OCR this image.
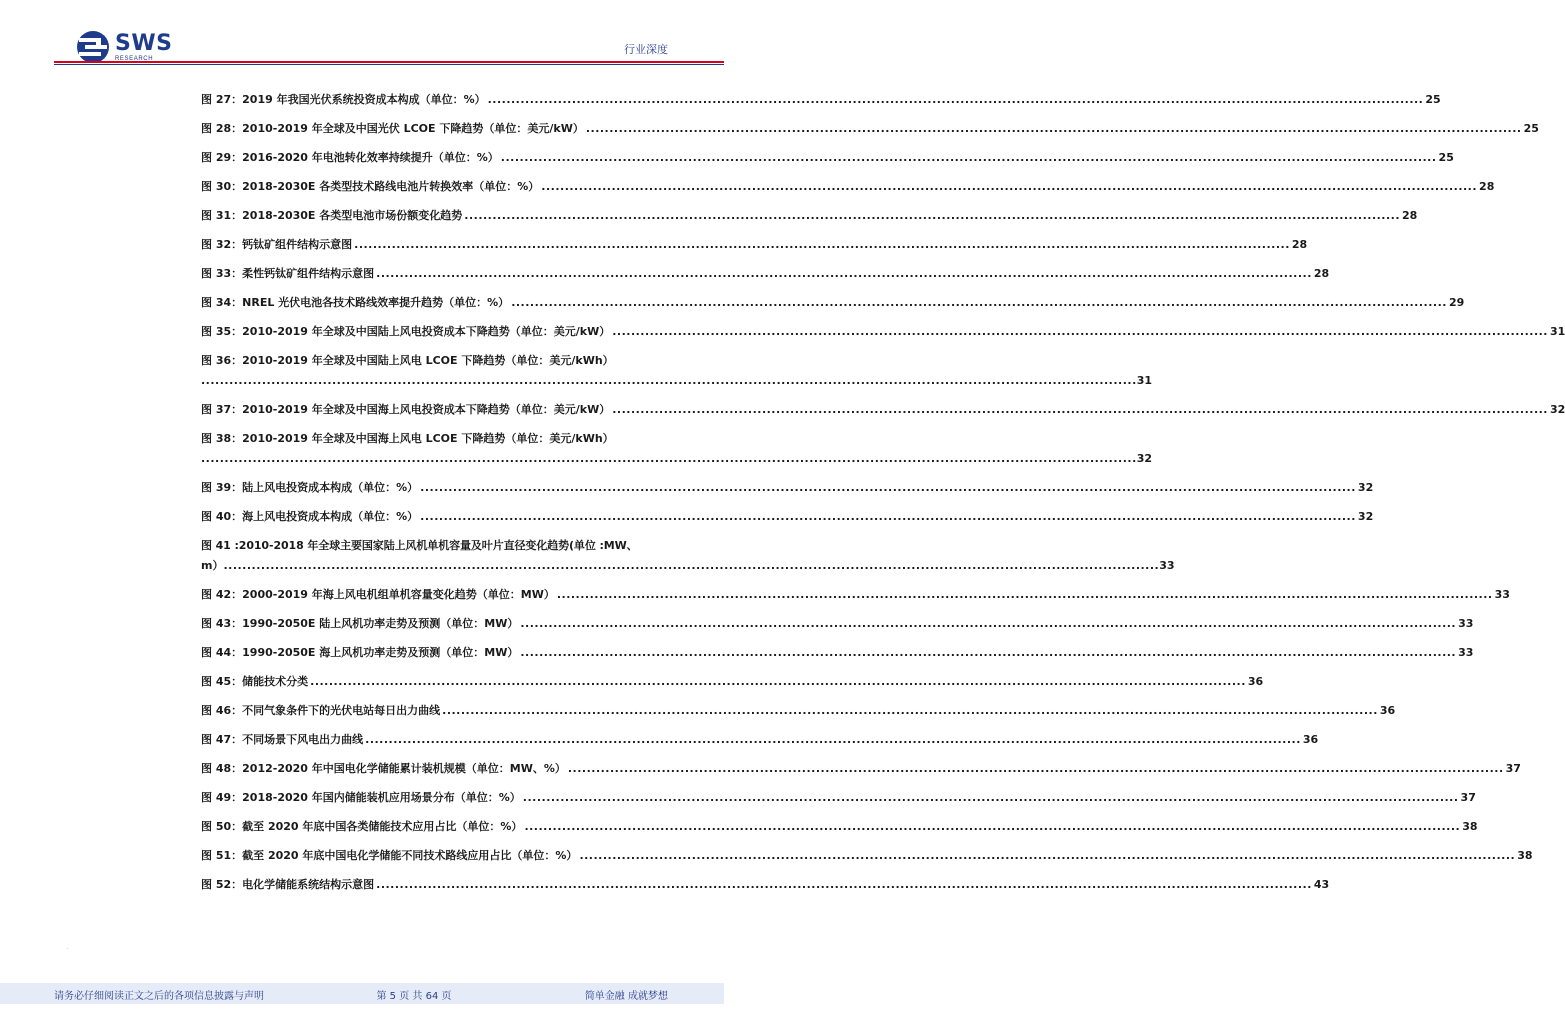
SWS
RESEARCH
行业深度
图 27：2019 年我国光伏系统投资成本构成（单位：%） ........................................................................................................................................................................................................ 25
图 28：2010-2019 年全球及中国光伏 LCOE 下降趋势（单位：美元/kW） ........................................................................................................................................................................................................ 25
图 29：2016-2020 年电池转化效率持续提升（单位：%） ........................................................................................................................................................................................................ 25
图 30：2018-2030E 各类型技术路线电池片转换效率（单位：%） ........................................................................................................................................................................................................ 28
图 31：2018-2030E 各类型电池市场份额变化趋势 ........................................................................................................................................................................................................ 28
图 32：钙钛矿组件结构示意图 ........................................................................................................................................................................................................ 28
图 33：柔性钙钛矿组件结构示意图 ........................................................................................................................................................................................................ 28
图 34：NREL 光伏电池各技术路线效率提升趋势（单位：%） ........................................................................................................................................................................................................ 29
图 35：2010-2019 年全球及中国陆上风电投资成本下降趋势（单位：美元/kW） ........................................................................................................................................................................................................ 31
图 36：2010-2019 年全球及中国陆上风电 LCOE 下降趋势（单位：美元/kWh）
........................................................................................................................................................................................................ 31
图 37：2010-2019 年全球及中国海上风电投资成本下降趋势（单位：美元/kW） ........................................................................................................................................................................................................ 32
图 38：2010-2019 年全球及中国海上风电 LCOE 下降趋势（单位：美元/kWh）
........................................................................................................................................................................................................ 32
图 39：陆上风电投资成本构成（单位：%） ........................................................................................................................................................................................................ 32
图 40：海上风电投资成本构成（单位：%） ........................................................................................................................................................................................................ 32
图 41 :2010-2018 年全球主要国家陆上风机单机容量及叶片直径变化趋势(单位 :MW、
m） ........................................................................................................................................................................................................ 33
图 42：2000-2019 年海上风电机组单机容量变化趋势（单位：MW） ........................................................................................................................................................................................................ 33
图 43：1990-2050E 陆上风机功率走势及预测（单位：MW） ........................................................................................................................................................................................................ 33
图 44：1990-2050E 海上风机功率走势及预测（单位：MW） ........................................................................................................................................................................................................ 33
图 45：储能技术分类 ........................................................................................................................................................................................................ 36
图 46：不同气象条件下的光伏电站每日出力曲线 ........................................................................................................................................................................................................ 36
图 47：不同场景下风电出力曲线 ........................................................................................................................................................................................................ 36
图 48：2012-2020 年中国电化学储能累计装机规模（单位：MW、%） ........................................................................................................................................................................................................ 37
图 49：2018-2020 年国内储能装机应用场景分布（单位：%） ........................................................................................................................................................................................................ 37
图 50：截至 2020 年底中国各类储能技术应用占比（单位：%） ........................................................................................................................................................................................................ 38
图 51：截至 2020 年底中国电化学储能不同技术路线应用占比（单位：%） ........................................................................................................................................................................................................ 38
图 52：电化学储能系统结构示意图 ........................................................................................................................................................................................................ 43
ˇ
请务必仔细阅读正文之后的各项信息披露与声明	第 5 页 共 64 页	简单金融 成就梦想
